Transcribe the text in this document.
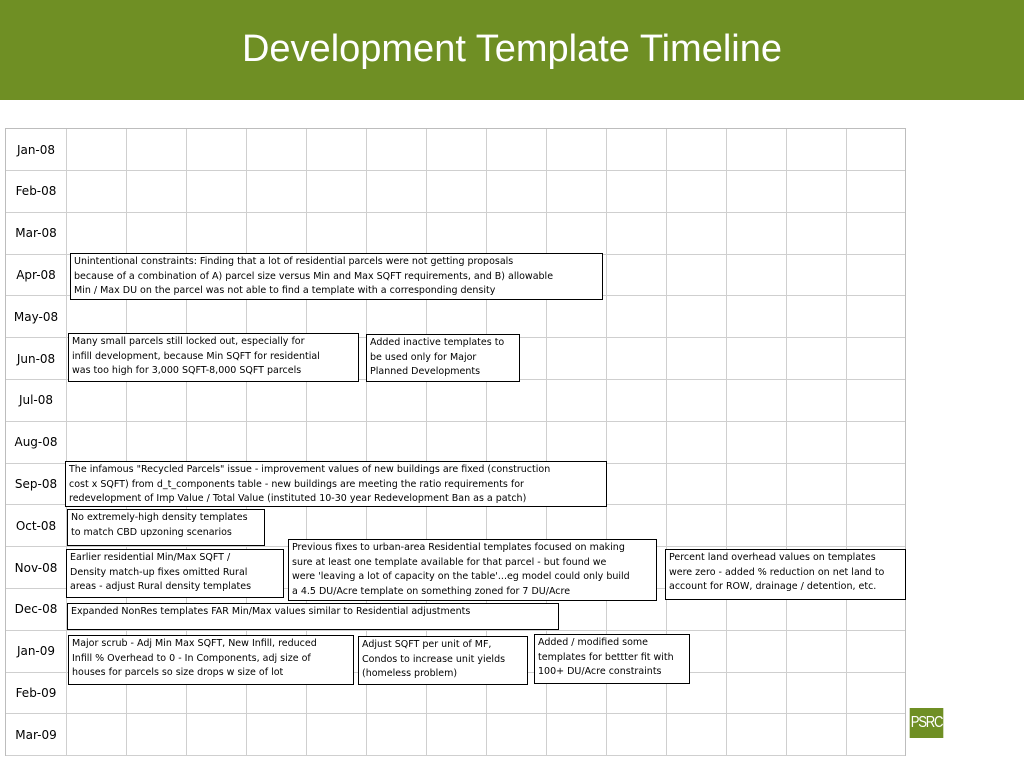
Development Template Timeline
Jan-08
Feb-08
Mar-08
Apr-08
May-08
Jun-08
Jul-08
Aug-08
Sep-08
Oct-08
Nov-08
Dec-08
Jan-09
Feb-09
Mar-09
Unintentional constraints: Finding that a lot of residential parcels were not getting proposals
because of a combination of A) parcel size versus Min and Max SQFT requirements, and B) allowable
Min / Max DU on the parcel was not able to find a template with a corresponding density
Many small parcels still locked out, especially for
infill development, because Min SQFT for residential
was too high for 3,000 SQFT-8,000 SQFT parcels
Added inactive templates to
be used only for Major
Planned Developments
The infamous "Recycled Parcels" issue - improvement values of new buildings are fixed (construction
cost x SQFT) from d_t_components table - new buildings are meeting the ratio requirements for
redevelopment of Imp Value / Total Value (instituted 10-30 year Redevelopment Ban as a patch)
No extremely-high density templates
to match CBD upzoning scenarios
Earlier residential Min/Max SQFT /
Density match-up fixes omitted Rural
areas - adjust Rural density templates
Previous fixes to urban-area Residential templates focused on making
sure at least one template available for that parcel - but found we
were 'leaving a lot of capacity on the table'...eg model could only build
a 4.5 DU/Acre template on something zoned for 7 DU/Acre
Percent land overhead values on templates
were zero - added % reduction on net land to
account for ROW, drainage / detention, etc.
Expanded NonRes templates FAR Min/Max values similar to Residential adjustments
Major scrub - Adj Min Max SQFT, New Infill, reduced
Infill % Overhead to 0 - In Components, adj size of
houses for parcels so size drops w size of lot
Adjust SQFT per unit of MF,
Condos to increase unit yields
(homeless problem)
Added / modified some
templates for bettter fit with
100+ DU/Acre constraints
PSRC
